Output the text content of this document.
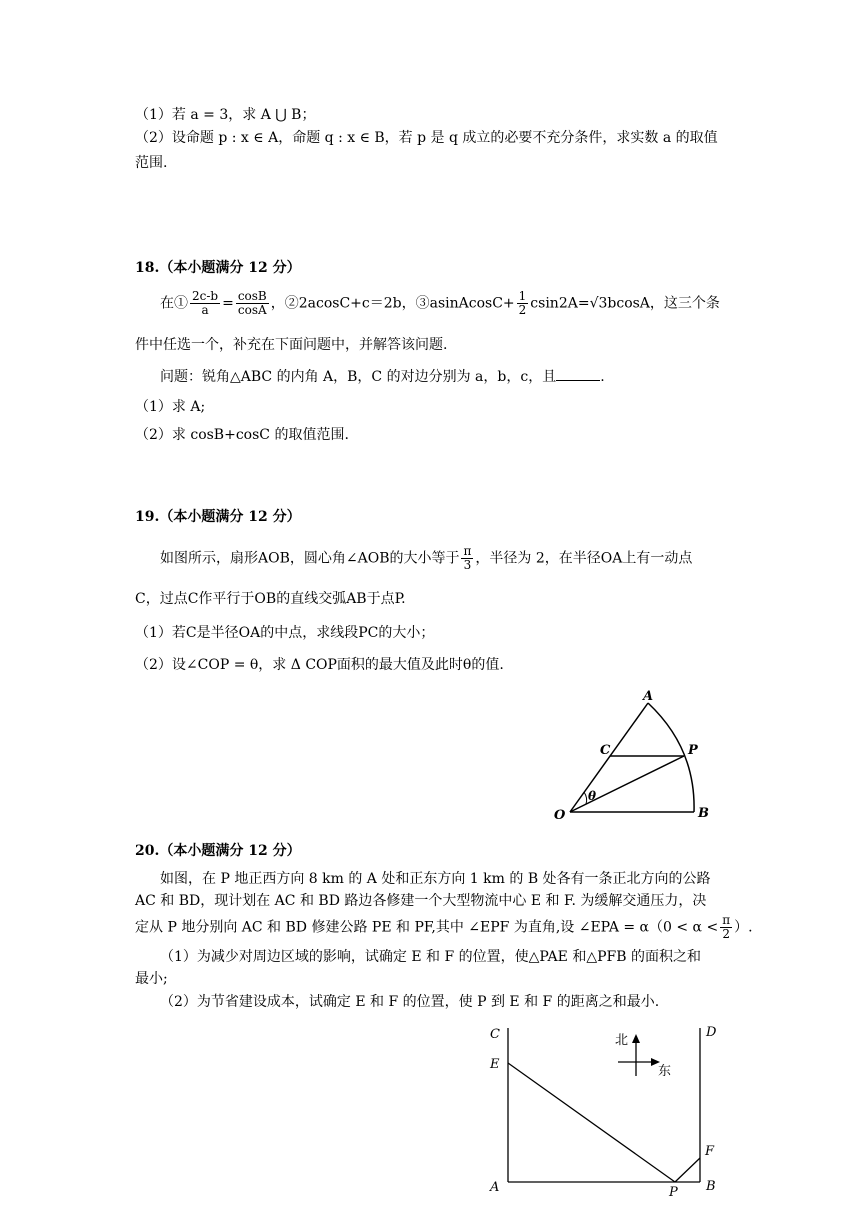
（1）若 a = 3，求 A ⋃ B；
（2）设命题 p : x ∈ A，命题 q : x ∈ B，若 p 是 q 成立的必要不充分条件，求实数 a 的取值
范围.
18.（本小题满分 12 分）
在① $\frac{2c-b}{a} = \frac{\cos B}{\cos A}$ ，②2acosC+c＝2b，③asinAcosC+ $\frac{1}{2} csin2A=√3bcosA$，这三个条
件中任选一个，补充在下面问题中，并解答该问题.
问题：锐角△ABC 的内角 A，B，C 的对边分别为 a，b，c，且	.
（1）求 A;
（2）求 cosB+cosC 的取值范围.
19.（本小题满分 12 分）
如图所示，扇形AOB，圆心角∠AOB的大小等于 $\frac{\pi}{3}$ ，半径为 2，在半径OA上有一动点
C，过点C作平行于OB的直线交弧AB于点P.
（1）若C是半径OA的中点，求线段PC的大小；
（2）设∠COP = θ，求 Δ COP面积的最大值及此时θ的值.
A
C	P
O	B
θ
20.（本小题满分 12 分）
如图，在 P 地正西方向 8 km 的 A 处和正东方向 1 km 的 B 处各有一条正北方向的公路
AC 和 BD，现计划在 AC 和 BD 路边各修建一个大型物流中心 E 和 F. 为缓解交通压力，决
定从 P 地分别向 AC 和 BD 修建公路 PE 和 PF,其中 ∠EPF 为直角,设 ∠EPA = $\alpha(0 < \alpha < \frac{\pi}{2}$ ）.
（1）为减少对周边区域的影响，试确定 E 和 F 的位置，使△PAE 和△PFB 的面积之和
最小;
（2）为节省建设成本，试确定 E 和 F 的位置，使 P 到 E 和 F 的距离之和最小.
北
东
C	D
E
F
A	P B
